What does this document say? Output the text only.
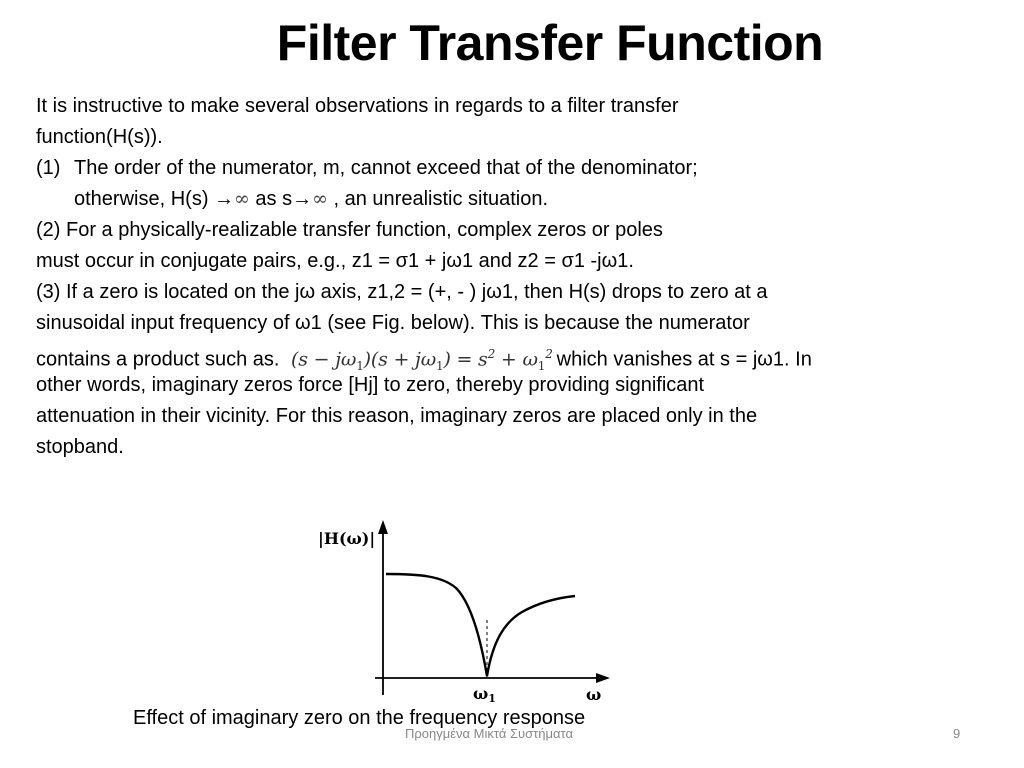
Filter Transfer Function
It is instructive to make several observations in regards to a filter transfer
function(H(s)).
(1) The order of the numerator, m, cannot exceed that of the denominator;
otherwise, H(s) →∞ as s→∞ , an unrealistic situation.
(2) For a physically-realizable transfer function, complex zeros or poles
must occur in conjugate pairs, e.g., z1 = σ1 + jω1 and z2 = σ1 -jω1.
(3) If a zero is located on the jω axis, z1,2 = (+, - ) jω1, then H(s) drops to zero at a
sinusoidal input frequency of ω1 (see Fig. below). This is because the numerator
contains a product such as. $(s - j\omega_1)(s + j\omega_1) = s^2 + \omega_1^2$ which vanishes at s = jω1. In
other words, imaginary zeros force [Hj] to zero, thereby providing significant
attenuation in their vicinity. For this reason, imaginary zeros are placed only in the
stopband.
|H(ω)|
ω1	ω
Effect of imaginary zero on the frequency response
Προηγμένα Μικτά Συστήματα	9
